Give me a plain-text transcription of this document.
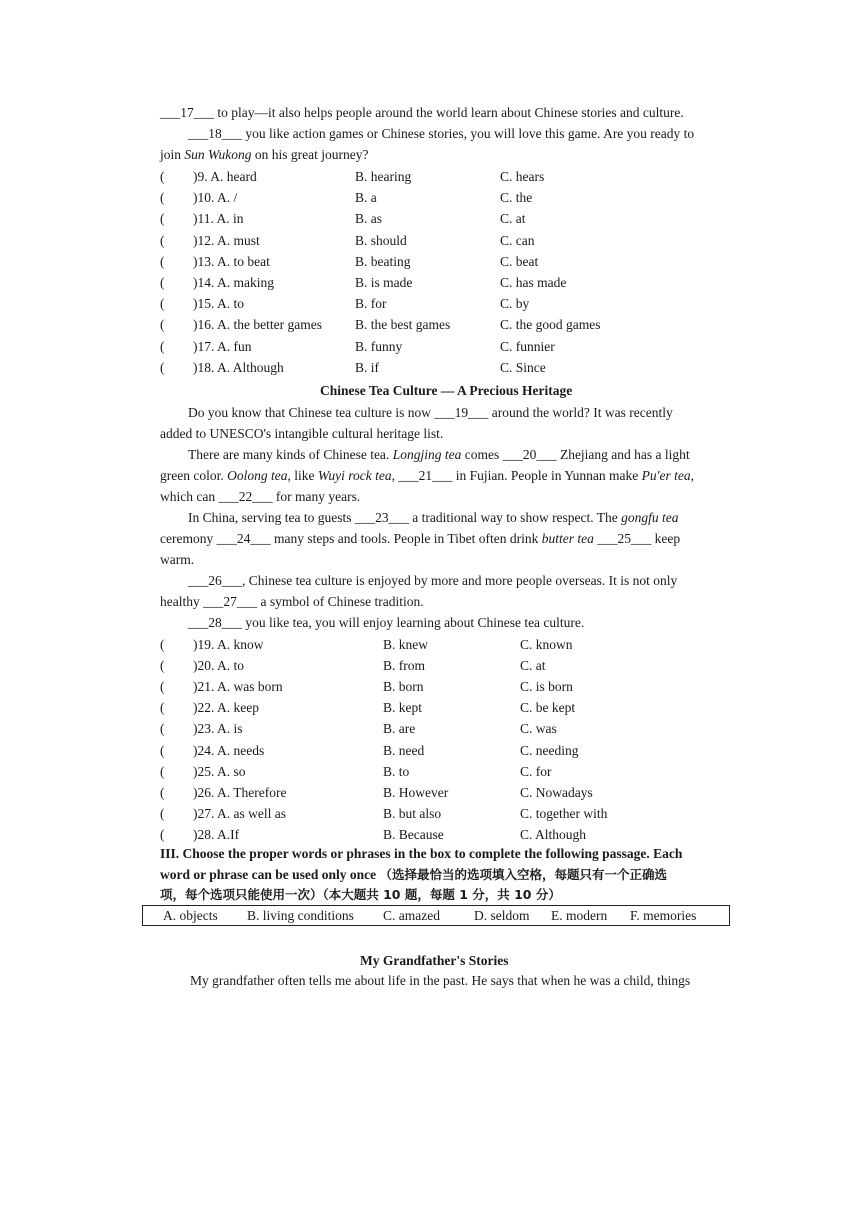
___17___ to play—it also helps people around the world learn about Chinese stories and culture.
___18___ you like action games or Chinese stories, you will love this game. Are you ready to
join Sun Wukong on his great journey?
( )9. A. heard	B. hearing	C. hears
( )10. A. /	B. a	C. the
( )11. A. in	B. as	C. at
( )12. A. must	B. should	C. can
( )13. A. to beat	B. beating	C. beat
( )14. A. making	B. is made	C. has made
( )15. A. to	B. for	C. by
( )16. A. the better games B. the best games	C. the good games
( )17. A. fun	B. funny	C. funnier
( )18. A. Although	B. if	C. Since
Chinese Tea Culture — A Precious Heritage
Do you know that Chinese tea culture is now ___19___ around the world? It was recently
added to UNESCO's intangible cultural heritage list.
There are many kinds of Chinese tea. Longjing tea comes ___20___ Zhejiang and has a light
green color. Oolong tea, like Wuyi rock tea, ___21___ in Fujian. People in Yunnan make Pu'er tea,
which can ___22___ for many years.
In China, serving tea to guests ___23___ a traditional way to show respect. The gongfu tea
ceremony ___24___ many steps and tools. People in Tibet often drink butter tea ___25___ keep
warm.
___26___, Chinese tea culture is enjoyed by more and more people overseas. It is not only
healthy ___27___ a symbol of Chinese tradition.
___28___ you like tea, you will enjoy learning about Chinese tea culture.
( )19. A. know	B. knew	C. known
( )20. A. to	B. from	C. at
( )21. A. was born	B. born	C. is born
( )22. A. keep	B. kept	C. be kept
( )23. A. is	B. are	C. was
( )24. A. needs	B. need	C. needing
( )25. A. so	B. to	C. for
( )26. A. Therefore	B. However	C. Nowadays
( )27. A. as well as	B. but also	C. together with
( )28. A.If	B. Because	C. Although
III. Choose the proper words or phrases in the box to complete the following passage. Each
word or phrase can be used only once （选择最恰当的选项填入空格，每题只有一个正确选
项，每个选项只能使用一次）（本大题共 10 题，每题 1 分，共 10 分）
A. objects B. living conditions C. amazed	D. seldom E. modern F. memories
My Grandfather's Stories
My grandfather often tells me about life in the past. He says that when he was a child, things
